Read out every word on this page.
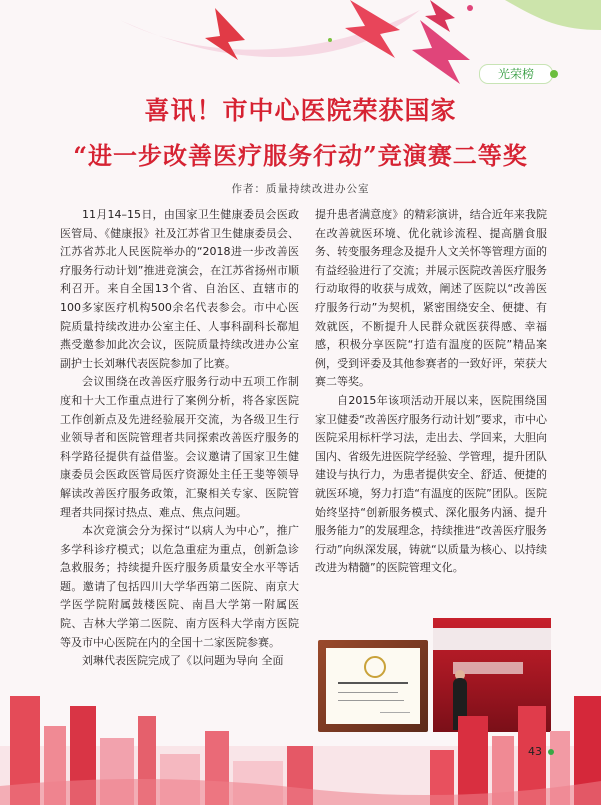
光荣榜
喜讯！市中心医院荣获国家
“进一步改善医疗服务行动”竞演赛二等奖
作者：质量持续改进办公室

11月14–15日，由国家卫生健康委员会医政医管局、《健康报》社及江苏省卫生健康委员会、江苏省苏北人民医院举办的“2018进一步改善医疗服务行动计划”推进竞演会，在江苏省扬州市顺利召开。来自全国13个省、自治区、直辖市的100多家医疗机构500余名代表参会。市中心医院质量持续改进办公室主任、人事科副科长郗旭燕受邀参加此次会议，医院质量持续改进办公室副护士长刘琳代表医院参加了比赛。

会议围绕在改善医疗服务行动中五项工作制度和十大工作重点进行了案例分析，将各家医院工作创新点及先进经验展开交流，为各级卫生行业领导者和医院管理者共同探索改善医疗服务的科学路径提供有益借鉴。会议邀请了国家卫生健康委员会医政医管局医疗资源处主任王斐等领导解读改善医疗服务政策，汇聚相关专家、医院管理者共同探讨热点、难点、焦点问题。

本次竞演会分为探讨“以病人为中心”，推广多学科诊疗模式；以危急重症为重点，创新急诊急救服务；持续提升医疗服务质量安全水平等话题。邀请了包括四川大学华西第二医院、南京大学医学院附属鼓楼医院、南昌大学第一附属医院、吉林大学第二医院、南方医科大学南方医院等及市中心医院在内的全国十二家医院参赛。

刘琳代表医院完成了《以问题为导向 全面

提升患者满意度》的精彩演讲，结合近年来我院在改善就医环境、优化就诊流程、提高膳食服务、转变服务理念及提升人文关怀等管理方面的有益经验进行了交流；并展示医院改善医疗服务行动取得的收获与成效，阐述了医院以“改善医疗服务行动”为契机，紧密围绕安全、便捷、有效就医，不断提升人民群众就医获得感、幸福感，积极分享医院“打造有温度的医院”精品案例，受到评委及其他参赛者的一致好评，荣获大赛二等奖。

自2015年该项活动开展以来，医院围绕国家卫健委“改善医疗服务行动计划”要求，市中心医院采用标杆学习法，走出去、学回来，大胆向国内、省级先进医院学经验、学管理，提升团队建设与执行力，为患者提供安全、舒适、便捷的就医环境，努力打造“有温度的医院”团队。医院始终坚持“创新服务模式、深化服务内涵、提升服务能力”的发展理念，持续推进“改善医疗服务行动”向纵深发展，铸就“以质量为核心、以持续改进为精髓”的医院管理文化。

43
